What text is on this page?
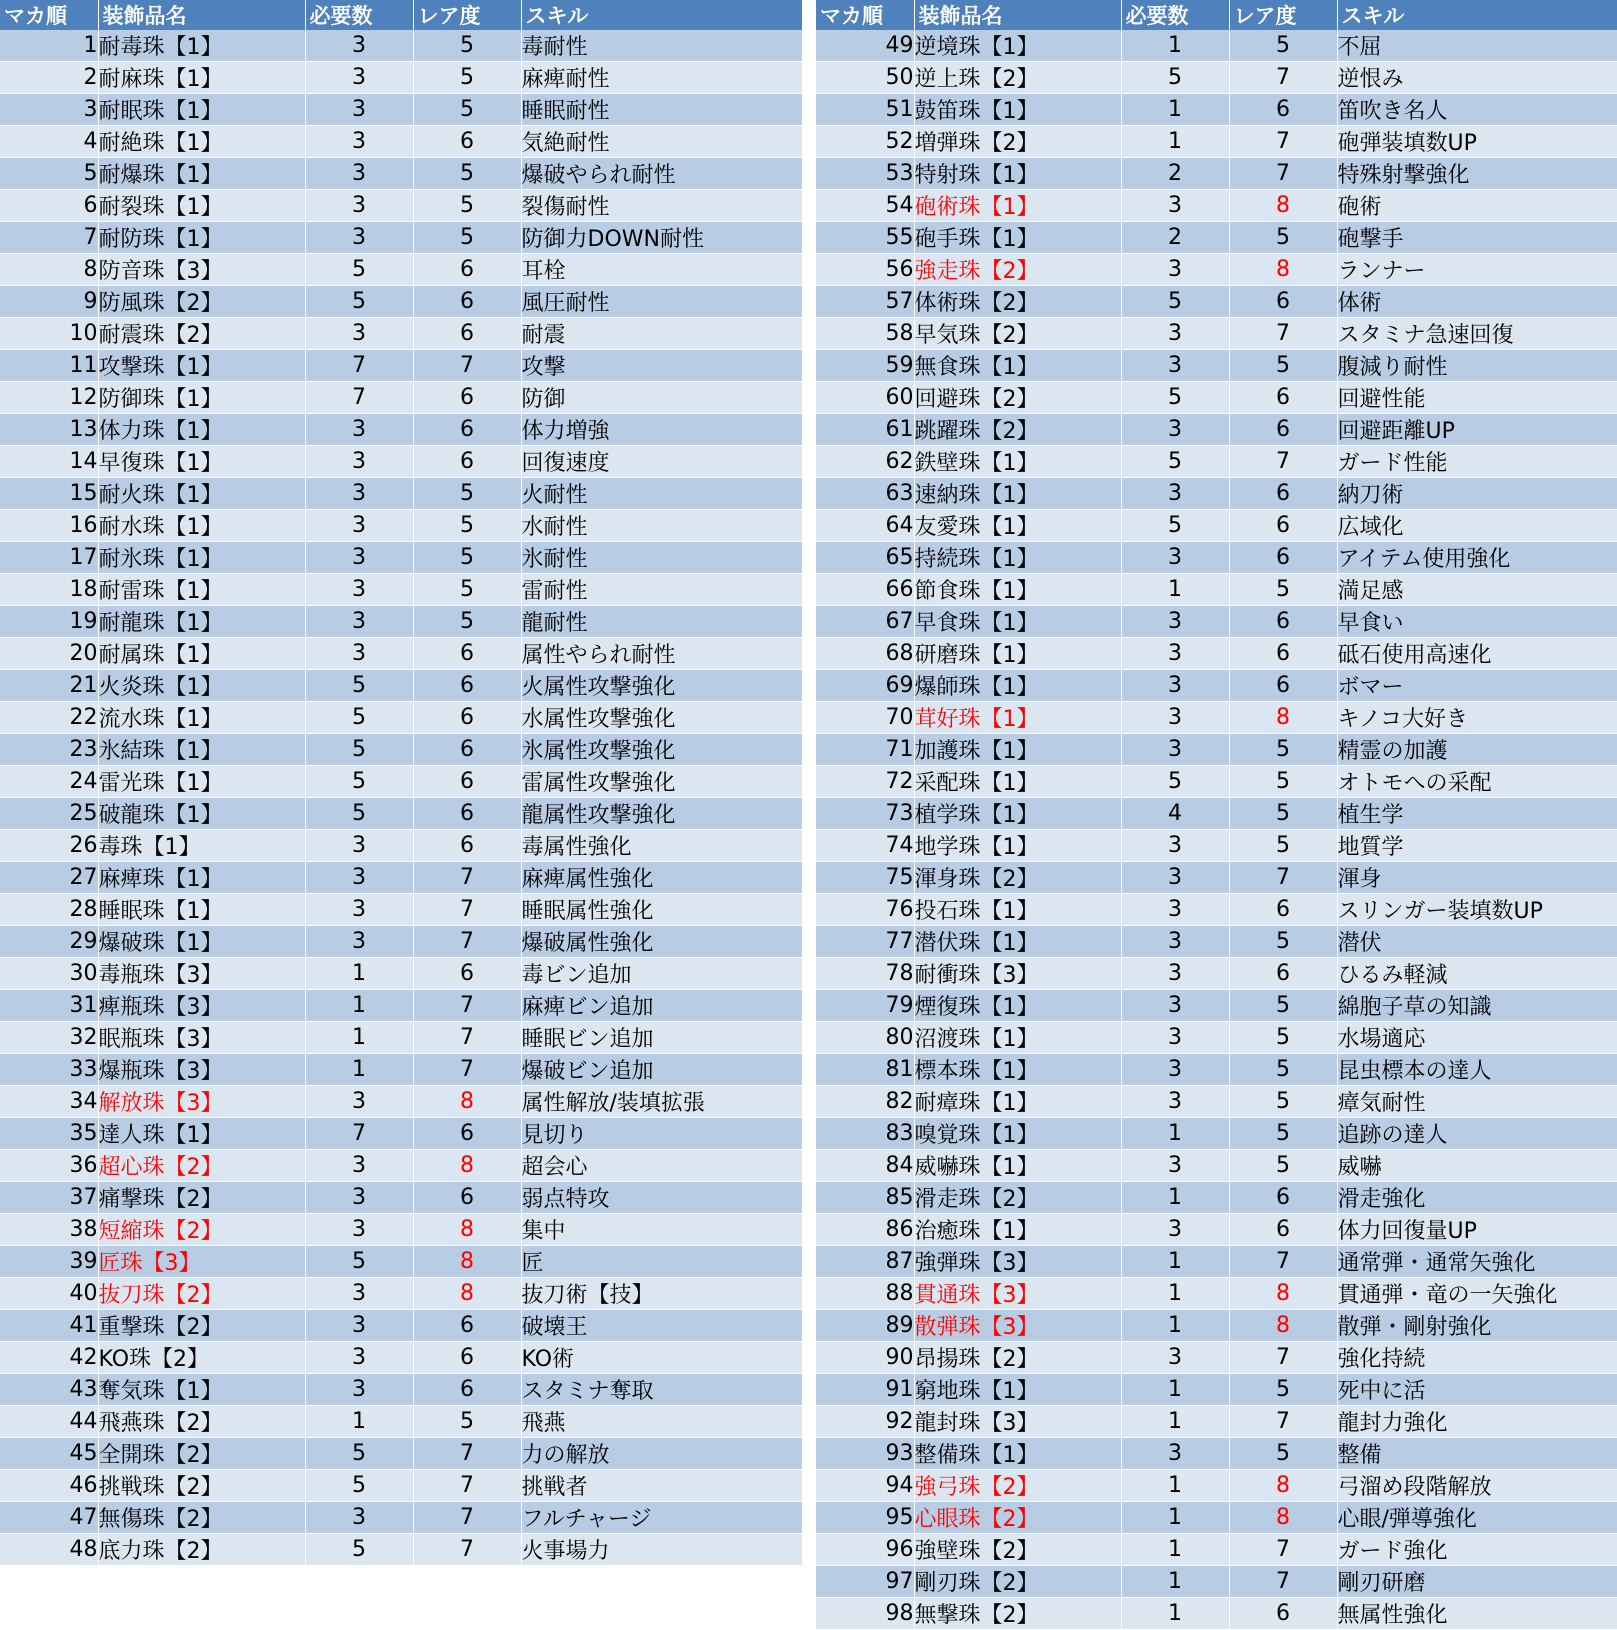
マカ順	装飾品名	必要数	レア度	スキル
1	耐毒珠【1】	3	5	毒耐性
2	耐麻珠【1】	3	5	麻痺耐性
3	耐眠珠【1】	3	5	睡眠耐性
4	耐絶珠【1】	3	6	気絶耐性
5	耐爆珠【1】	3	5	爆破やられ耐性
6	耐裂珠【1】	3	5	裂傷耐性
7	耐防珠【1】	3	5	防御力DOWN耐性
8	防音珠【3】	5	6	耳栓
9	防風珠【2】	5	6	風圧耐性
10	耐震珠【2】	3	6	耐震
11	攻撃珠【1】	7	7	攻撃
12	防御珠【1】	7	6	防御
13	体力珠【1】	3	6	体力増強
14	早復珠【1】	3	6	回復速度
15	耐火珠【1】	3	5	火耐性
16	耐水珠【1】	3	5	水耐性
17	耐氷珠【1】	3	5	氷耐性
18	耐雷珠【1】	3	5	雷耐性
19	耐龍珠【1】	3	5	龍耐性
20	耐属珠【1】	3	6	属性やられ耐性
21	火炎珠【1】	5	6	火属性攻撃強化
22	流水珠【1】	5	6	水属性攻撃強化
23	氷結珠【1】	5	6	氷属性攻撃強化
24	雷光珠【1】	5	6	雷属性攻撃強化
25	破龍珠【1】	5	6	龍属性攻撃強化
26	毒珠【1】	3	6	毒属性強化
27	麻痺珠【1】	3	7	麻痺属性強化
28	睡眠珠【1】	3	7	睡眠属性強化
29	爆破珠【1】	3	7	爆破属性強化
30	毒瓶珠【3】	1	6	毒ビン追加
31	痺瓶珠【3】	1	7	麻痺ビン追加
32	眠瓶珠【3】	1	7	睡眠ビン追加
33	爆瓶珠【3】	1	7	爆破ビン追加
34	解放珠【3】	3	8	属性解放/装填拡張
35	達人珠【1】	7	6	見切り
36	超心珠【2】	3	8	超会心
37	痛撃珠【2】	3	6	弱点特攻
38	短縮珠【2】	3	8	集中
39	匠珠【3】	5	8	匠
40	抜刀珠【2】	3	8	抜刀術【技】
41	重撃珠【2】	3	6	破壊王
42	KO珠【2】	3	6	KO術
43	奪気珠【1】	3	6	スタミナ奪取
44	飛燕珠【2】	1	5	飛燕
45	全開珠【2】	5	7	力の解放
46	挑戦珠【2】	5	7	挑戦者
47	無傷珠【2】	3	7	フルチャージ
48	底力珠【2】	5	7	火事場力
マカ順	装飾品名	必要数	レア度	スキル
49	逆境珠【1】	1	5	不屈
50	逆上珠【2】	5	7	逆恨み
51	鼓笛珠【1】	1	6	笛吹き名人
52	増弾珠【2】	1	7	砲弾装填数UP
53	特射珠【1】	2	7	特殊射撃強化
54	砲術珠【1】	3	8	砲術
55	砲手珠【1】	2	5	砲撃手
56	強走珠【2】	3	8	ランナー
57	体術珠【2】	5	6	体術
58	早気珠【2】	3	7	スタミナ急速回復
59	無食珠【1】	3	5	腹減り耐性
60	回避珠【2】	5	6	回避性能
61	跳躍珠【2】	3	6	回避距離UP
62	鉄壁珠【1】	5	7	ガード性能
63	速納珠【1】	3	6	納刀術
64	友愛珠【1】	5	6	広域化
65	持続珠【1】	3	6	アイテム使用強化
66	節食珠【1】	1	5	満足感
67	早食珠【1】	3	6	早食い
68	研磨珠【1】	3	6	砥石使用高速化
69	爆師珠【1】	3	6	ボマー
70	茸好珠【1】	3	8	キノコ大好き
71	加護珠【1】	3	5	精霊の加護
72	采配珠【1】	5	5	オトモへの采配
73	植学珠【1】	4	5	植生学
74	地学珠【1】	3	5	地質学
75	渾身珠【2】	3	7	渾身
76	投石珠【1】	3	6	スリンガー装填数UP
77	潜伏珠【1】	3	5	潜伏
78	耐衝珠【3】	3	6	ひるみ軽減
79	煙復珠【1】	3	5	綿胞子草の知識
80	沼渡珠【1】	3	5	水場適応
81	標本珠【1】	3	5	昆虫標本の達人
82	耐瘴珠【1】	3	5	瘴気耐性
83	嗅覚珠【1】	1	5	追跡の達人
84	威嚇珠【1】	3	5	威嚇
85	滑走珠【2】	1	6	滑走強化
86	治癒珠【1】	3	6	体力回復量UP
87	強弾珠【3】	1	7	通常弾・通常矢強化
88	貫通珠【3】	1	8	貫通弾・竜の一矢強化
89	散弾珠【3】	1	8	散弾・剛射強化
90	昂揚珠【2】	3	7	強化持続
91	窮地珠【1】	1	5	死中に活
92	龍封珠【3】	1	7	龍封力強化
93	整備珠【1】	3	5	整備
94	強弓珠【2】	1	8	弓溜め段階解放
95	心眼珠【2】	1	8	心眼/弾導強化
96	強壁珠【2】	1	7	ガード強化
97	剛刃珠【2】	1	7	剛刃研磨
98	無撃珠【2】	1	6	無属性強化
